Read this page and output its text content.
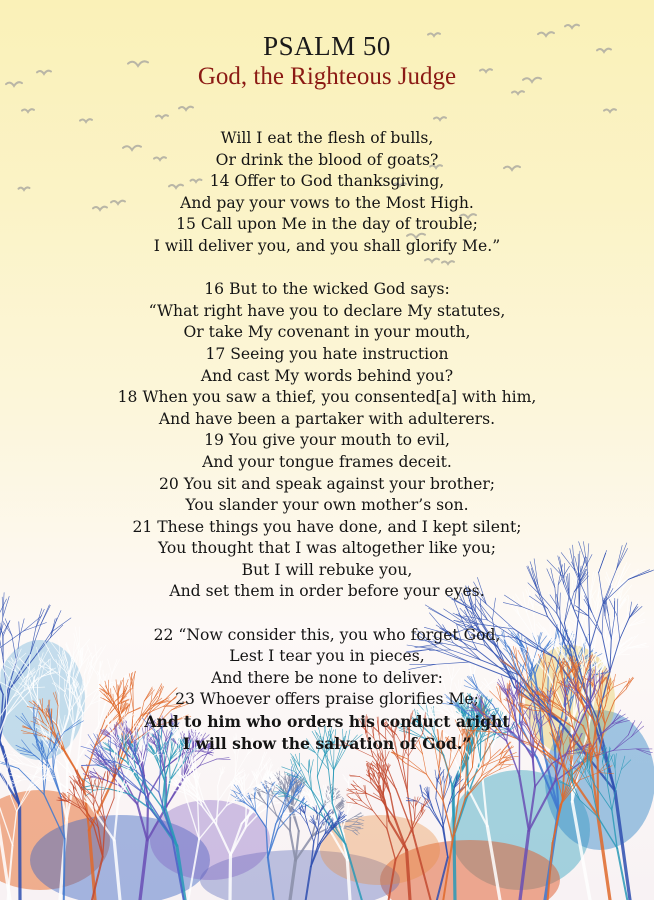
PSALM 50
God, the Righteous Judge
Will I eat the flesh of bulls,
Or drink the blood of goats?
14 Offer to God thanksgiving,
And pay your vows to the Most High.
15 Call upon Me in the day of trouble;
I will deliver you, and you shall glorify Me.”
16 But to the wicked God says:
“What right have you to declare My statutes,
Or take My covenant in your mouth,
17 Seeing you hate instruction
And cast My words behind you?
18 When you saw a thief, you consented[a] with him,
And have been a partaker with adulterers.
19 You give your mouth to evil,
And your tongue frames deceit.
20 You sit and speak against your brother;
You slander your own mother’s son.
21 These things you have done, and I kept silent;
You thought that I was altogether like you;
But I will rebuke you,
And set them in order before your eyes.
22 “Now consider this, you who forget God,
Lest I tear you in pieces,
And there be none to deliver:
23 Whoever offers praise glorifies Me;
And to him who orders his conduct aright
I will show the salvation of God.”
